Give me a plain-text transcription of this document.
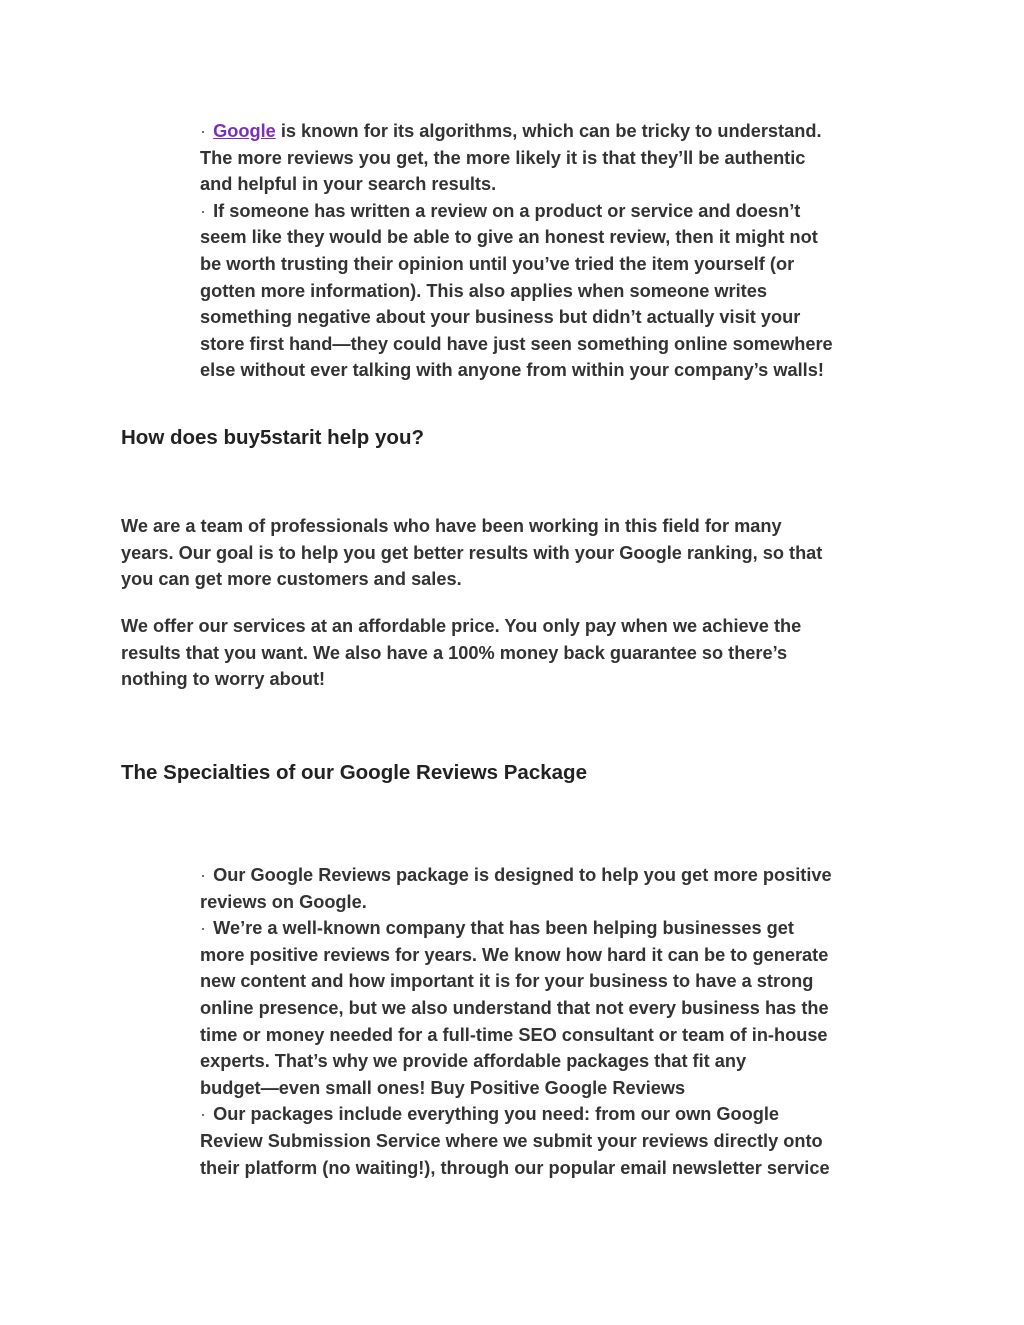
· Google is known for its algorithms, which can be tricky to understand.
The more reviews you get, the more likely it is that they’ll be authentic
and helpful in your search results.
· If someone has written a review on a product or service and doesn’t
seem like they would be able to give an honest review, then it might not
be worth trusting their opinion until you’ve tried the item yourself (or
gotten more information). This also applies when someone writes
something negative about your business but didn’t actually visit your
store first hand—they could have just seen something online somewhere
else without ever talking with anyone from within your company’s walls!
How does buy5starit help you?
We are a team of professionals who have been working in this field for many
years. Our goal is to help you get better results with your Google ranking, so that
you can get more customers and sales.
We offer our services at an affordable price. You only pay when we achieve the
results that you want. We also have a 100% money back guarantee so there’s
nothing to worry about!
The Specialties of our Google Reviews Package
· Our Google Reviews package is designed to help you get more positive
reviews on Google.
· We’re a well-known company that has been helping businesses get
more positive reviews for years. We know how hard it can be to generate
new content and how important it is for your business to have a strong
online presence, but we also understand that not every business has the
time or money needed for a full-time SEO consultant or team of in-house
experts. That’s why we provide affordable packages that fit any
budget—even small ones! Buy Positive Google Reviews
· Our packages include everything you need: from our own Google
Review Submission Service where we submit your reviews directly onto
their platform (no waiting!), through our popular email newsletter service
